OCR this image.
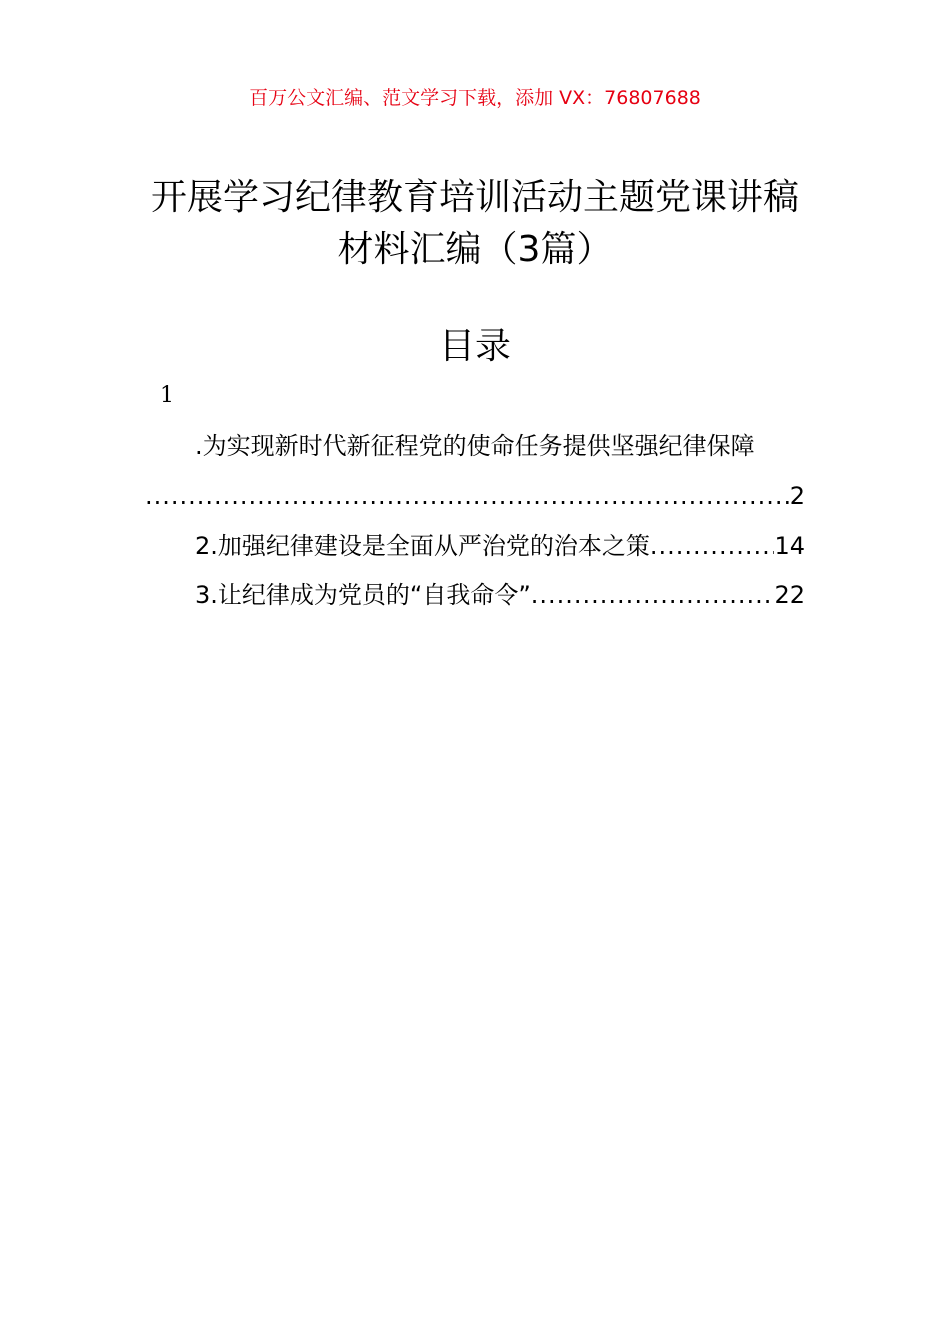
百万公文汇编、范文学习下载，添加 VX：76807688
开展学习纪律教育培训活动主题党课讲稿
材料汇编（3篇）
目录
1
.为实现新时代新征程党的使命任务提供坚强纪律保障
.....
2
2.加强纪律建设是全面从严治党的治本之策 .....	14
3.让纪律成为党员的“自我命令” .....	22
